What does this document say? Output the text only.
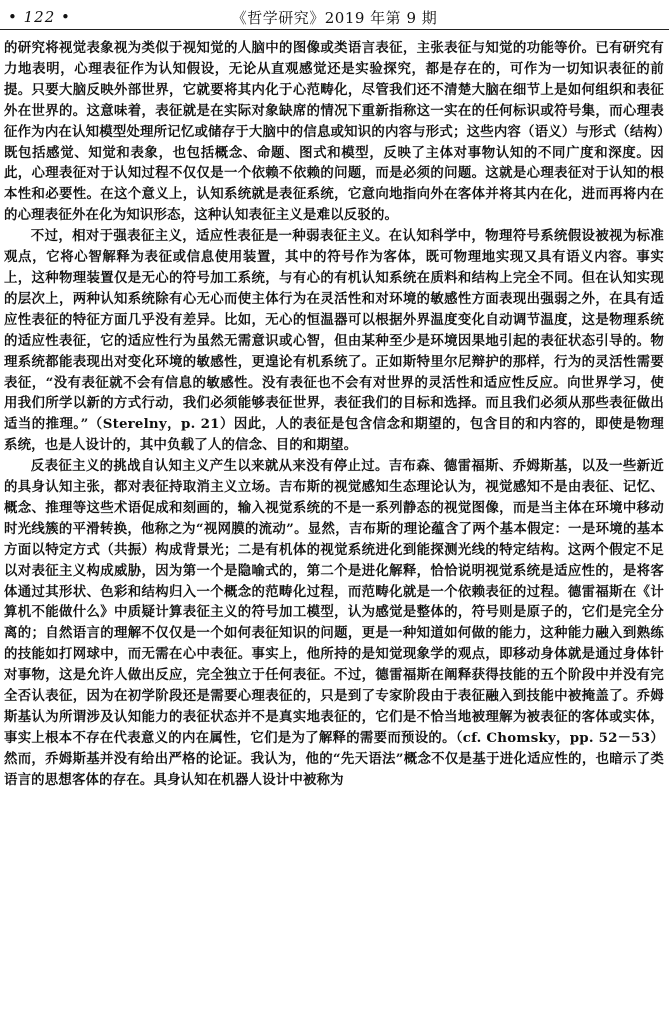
• 122 •	《哲学研究》2019 年第 9 期

的研究将视觉表象视为类似于视知觉的人脑中的图像或类语言表征，主张表征与知觉的功能等价。已有研究有力地表明，心理表征作为认知假设，无论从直观感觉还是实验探究，都是存在的，可作为一切知识表征的前提。只要大脑反映外部世界，它就要将其内化于心范畴化，尽管我们还不清楚大脑在细节上是如何组织和表征外在世界的。这意味着，表征就是在实际对象缺席的情况下重新指称这一实在的任何标识或符号集，而心理表征作为内在认知模型处理所记忆或储存于大脑中的信息或知识的内容与形式；这些内容（语义）与形式（结构）既包括感觉、知觉和表象，也包括概念、命题、图式和模型，反映了主体对事物认知的不同广度和深度。因此，心理表征对于认知过程不仅仅是一个依赖不依赖的问题，而是必须的问题。这就是心理表征对于认知的根本性和必要性。在这个意义上，认知系统就是表征系统，它意向地指向外在客体并将其内在化，进而再将内在的心理表征外在化为知识形态，这种认知表征主义是难以反驳的。

不过，相对于强表征主义，适应性表征是一种弱表征主义。在认知科学中，物理符号系统假设被视为标准观点，它将心智解释为表征或信息使用装置，其中的符号作为客体，既可物理地实现又具有语义内容。事实上，这种物理装置仅是无心的符号加工系统，与有心的有机认知系统在质料和结构上完全不同。但在认知实现的层次上，两种认知系统除有心无心而使主体行为在灵活性和对环境的敏感性方面表现出强弱之外，在具有适应性表征的特征方面几乎没有差异。比如，无心的恒温器可以根据外界温度变化自动调节温度，这是物理系统的适应性表征，它的适应性行为虽然无需意识或心智，但由某种至少是环境因果地引起的表征状态引导的。物理系统都能表现出对变化环境的敏感性，更遑论有机系统了。正如斯特里尔尼辩护的那样，行为的灵活性需要表征，“没有表征就不会有信息的敏感性。没有表征也不会有对世界的灵活性和适应性反应。向世界学习，使用我们所学以新的方式行动，我们必须能够表征世界，表征我们的目标和选择。而且我们必须从那些表征做出适当的推理。”（Sterelny，p. 21）因此，人的表征是包含信念和期望的，包含目的和内容的，即使是物理系统，也是人设计的，其中负载了人的信念、目的和期望。

反表征主义的挑战自认知主义产生以来就从来没有停止过。吉布森、德雷福斯、乔姆斯基，以及一些新近的具身认知主张，都对表征持取消主义立场。吉布斯的视觉感知生态理论认为，视觉感知不是由表征、记忆、概念、推理等这些术语促成和刻画的，输入视觉系统的不是一系列静态的视觉图像，而是当主体在环境中移动时光线簇的平滑转换，他称之为“视网膜的流动”。显然，吉布斯的理论蕴含了两个基本假定：一是环境的基本方面以特定方式（共振）构成背景光；二是有机体的视觉系统进化到能探测光线的特定结构。这两个假定不足以对表征主义构成威胁，因为第一个是隐喻式的，第二个是进化解释，恰恰说明视觉系统是适应性的，是将客体通过其形状、色彩和结构归入一个概念的范畴化过程，而范畴化就是一个依赖表征的过程。德雷福斯在《计算机不能做什么》中质疑计算表征主义的符号加工模型，认为感觉是整体的，符号则是原子的，它们是完全分离的；自然语言的理解不仅仅是一个如何表征知识的问题，更是一种知道如何做的能力，这种能力融入到熟练的技能如打网球中，而无需在心中表征。事实上，他所持的是知觉现象学的观点，即移动身体就是通过身体针对事物，这是允许人做出反应，完全独立于任何表征。不过，德雷福斯在阐释获得技能的五个阶段中并没有完全否认表征，因为在初学阶段还是需要心理表征的，只是到了专家阶段由于表征融入到技能中被掩盖了。乔姆斯基认为所谓涉及认知能力的表征状态并不是真实地表征的，它们是不恰当地被理解为被表征的客体或实体，事实上根本不存在代表意义的内在属性，它们是为了解释的需要而预设的。（cf. Chomsky，pp. 52－53）然而，乔姆斯基并没有给出严格的论证。我认为，他的“先天语法”概念不仅是基于进化适应性的，也暗示了类语言的思想客体的存在。具身认知在机器人设计中被称为
